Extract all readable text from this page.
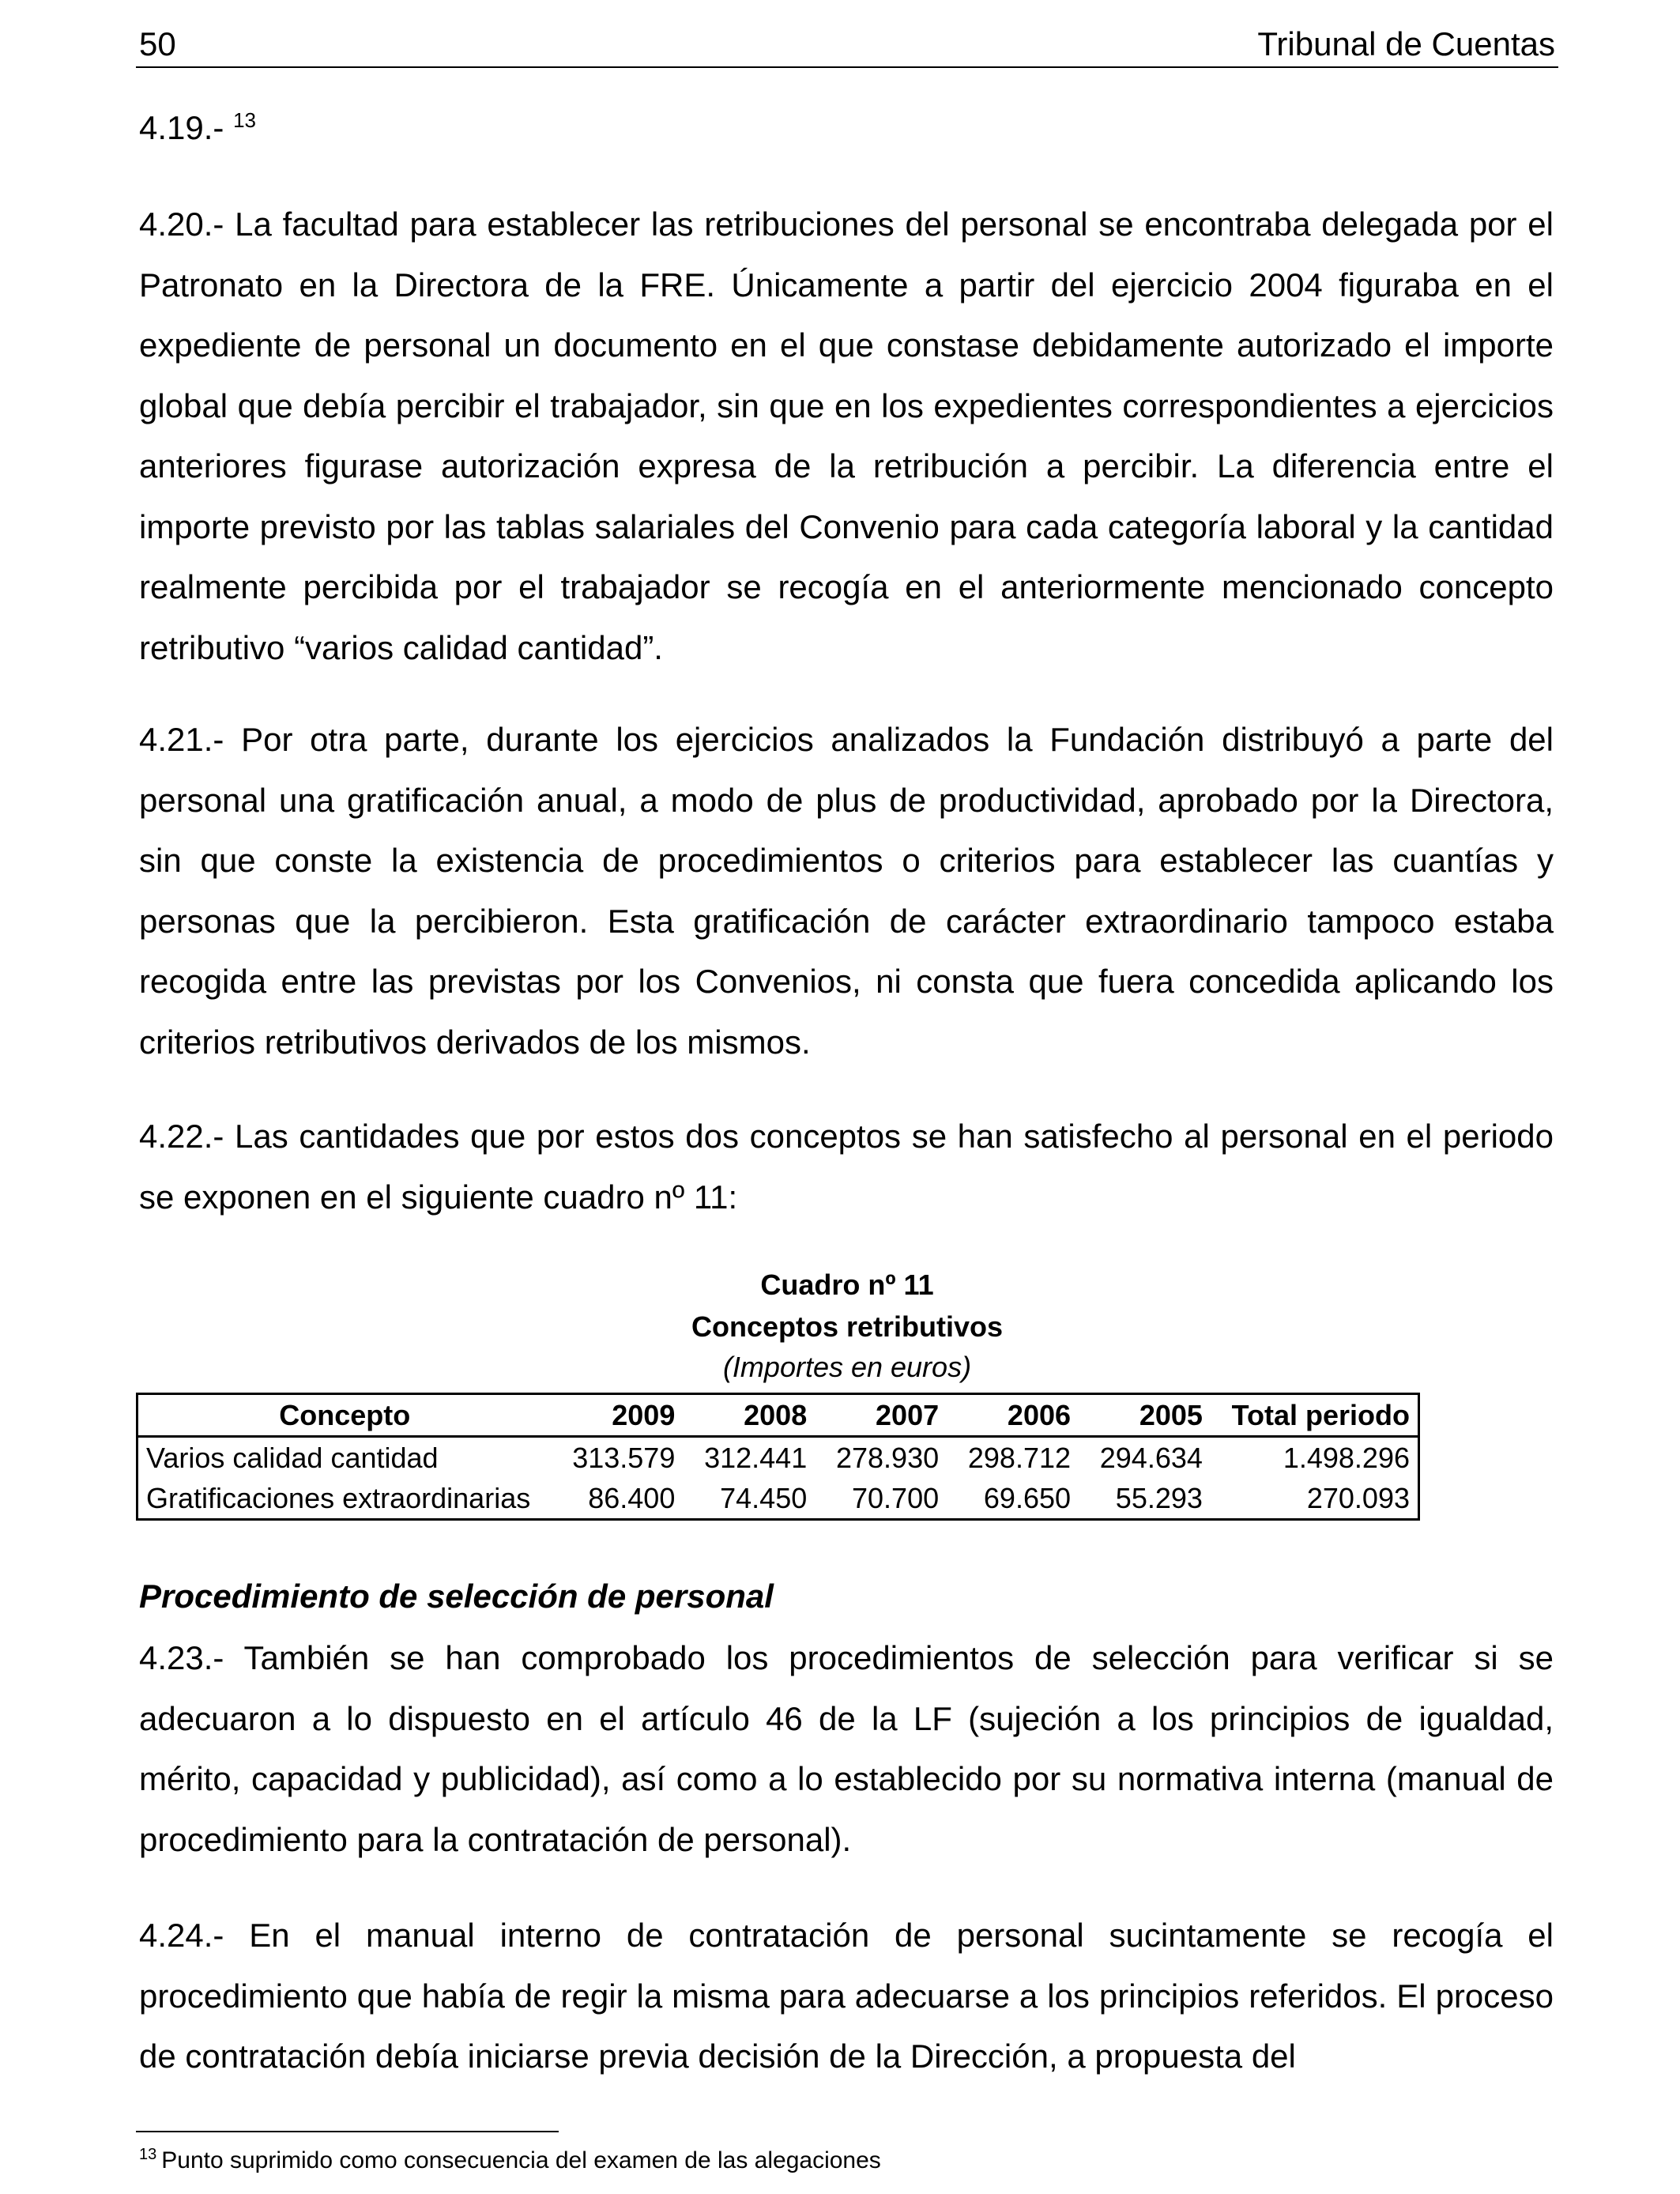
50	Tribunal de Cuentas

4.19.- $^{13}$

4.20.- La facultad para establecer las retribuciones del personal se encontraba delegada por el Patronato en la Directora de la FRE. Únicamente a partir del ejercicio 2004 figuraba en el expediente de personal un documento en el que constase debidamente autorizado el importe global que debía percibir el trabajador, sin que en los expedientes correspondientes a ejercicios anteriores figurase autorización expresa de la retribución a percibir. La diferencia entre el importe previsto por las tablas salariales del Convenio para cada categoría laboral y la cantidad realmente percibida por el trabajador se recogía en el anteriormente mencionado concepto retributivo “varios calidad cantidad”.

4.21.- Por otra parte, durante los ejercicios analizados la Fundación distribuyó a parte del personal una gratificación anual, a modo de plus de productividad, aprobado por la Directora, sin que conste la existencia de procedimientos o criterios para establecer las cuantías y personas que la percibieron. Esta gratificación de carácter extraordinario tampoco estaba recogida entre las previstas por los Convenios, ni consta que fuera concedida aplicando los criterios retributivos derivados de los mismos.

4.22.- Las cantidades que por estos dos conceptos se han satisfecho al personal en el periodo se exponen en el siguiente cuadro nº 11:

Cuadro nº 11
Conceptos retributivos
(Importes en euros)
Concepto	2009	2008	2007	2006	2005	Total periodo
Varios calidad cantidad	313.579	312.441	278.930	298.712	294.634	1.498.296
Gratificaciones extraordinarias	86.400	74.450	70.700	69.650	55.293	270.093
Procedimiento de selección de personal

4.23.- También se han comprobado los procedimientos de selección para verificar si se adecuaron a lo dispuesto en el artículo 46 de la LF (sujeción a los principios de igualdad, mérito, capacidad y publicidad), así como a lo establecido por su normativa interna (manual de procedimiento para la contratación de personal).

4.24.- En el manual interno de contratación de personal sucintamente se recogía el procedimiento que había de regir la misma para adecuarse a los principios referidos. El proceso de contratación debía iniciarse previa decisión de la Dirección, a propuesta del

$^{13}$ Punto suprimido como consecuencia del examen de las alegaciones
